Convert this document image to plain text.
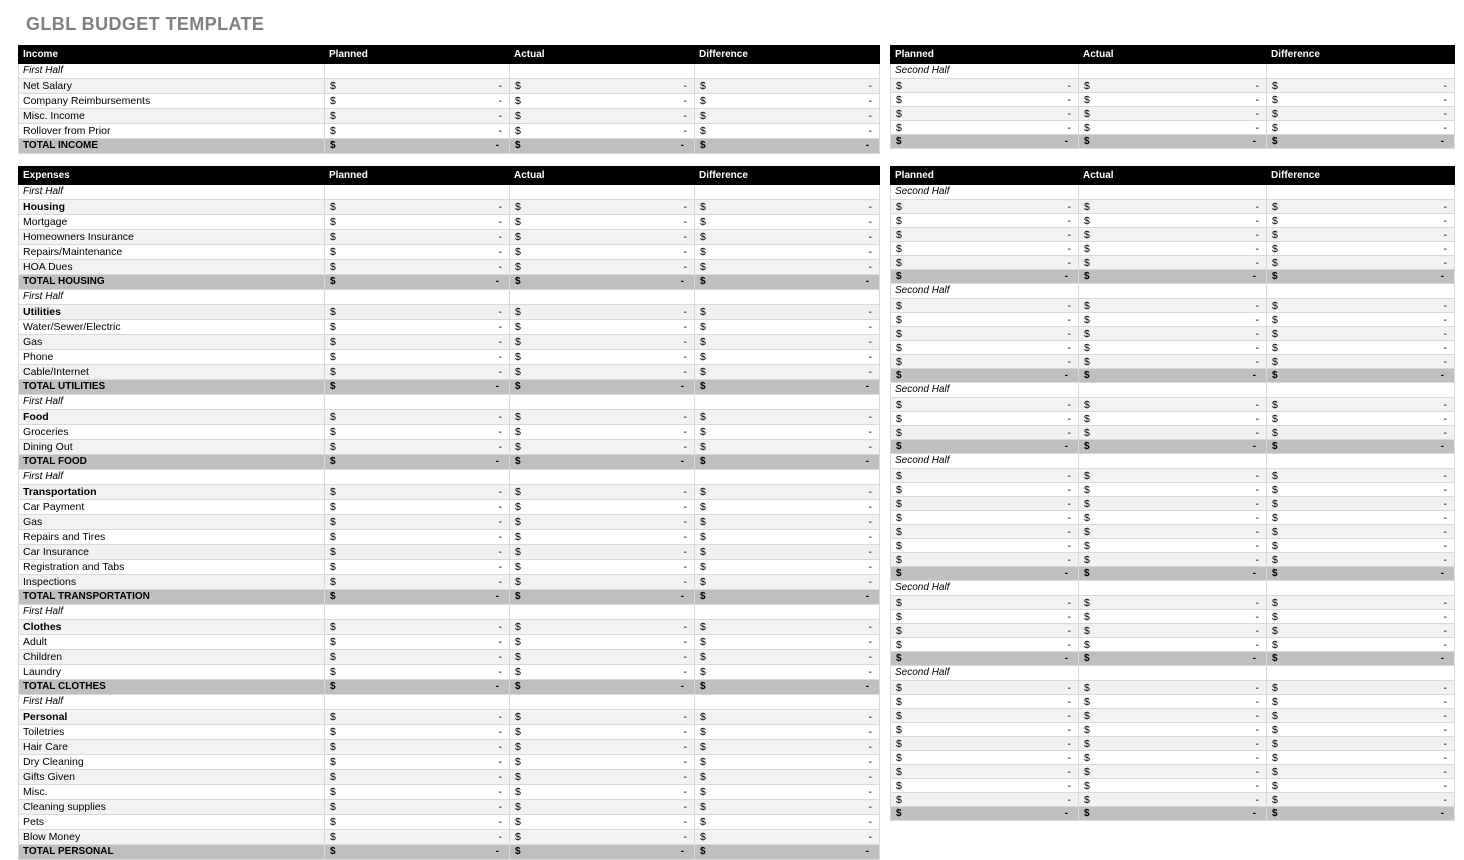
GLBL BUDGET TEMPLATE
Income	Planned	Actual	Difference
First Half			
Net Salary	$ -	$ -	$ -

Company Reimbursements	$ -	$ -	$ -

Misc. Income	$ -	$ -	$ -

Rollover from Prior	$ -	$ -	$ -

TOTAL INCOME	$ -	$ -	$ -
Planned	Actual	Difference
Second Half		

$ -	$ -	$ -

$ -	$ -	$ -

$ -	$ -	$ -

$ -	$ -	$ -

$ -	$ -	$ -
Expenses	Planned	Actual	Difference
First Half			
Housing	$ -	$ -	$ -

Mortgage	$ -	$ -	$ -

Homeowners Insurance	$ -	$ -	$ -

Repairs/Maintenance	$ -	$ -	$ -

HOA Dues	$ -	$ -	$ -

TOTAL HOUSING	$ -	$ -	$ -

First Half			
Utilities	$ -	$ -	$ -

Water/Sewer/Electric	$ -	$ -	$ -

Gas	$ -	$ -	$ -

Phone	$ -	$ -	$ -

Cable/Internet	$ -	$ -	$ -

TOTAL UTILITIES	$ -	$ -	$ -

First Half			
Food	$ -	$ -	$ -

Groceries	$ -	$ -	$ -

Dining Out	$ -	$ -	$ -

TOTAL FOOD	$ -	$ -	$ -

First Half			
Transportation	$ -	$ -	$ -

Car Payment	$ -	$ -	$ -

Gas	$ -	$ -	$ -

Repairs and Tires	$ -	$ -	$ -

Car Insurance	$ -	$ -	$ -

Registration and Tabs	$ -	$ -	$ -

Inspections	$ -	$ -	$ -

TOTAL TRANSPORTATION	$ -	$ -	$ -

First Half			
Clothes	$ -	$ -	$ -

Adult	$ -	$ -	$ -

Children	$ -	$ -	$ -

Laundry	$ -	$ -	$ -

TOTAL CLOTHES	$ -	$ -	$ -

First Half			
Personal	$ -	$ -	$ -

Toiletries	$ -	$ -	$ -

Hair Care	$ -	$ -	$ -

Dry Cleaning	$ -	$ -	$ -

Gifts Given	$ -	$ -	$ -

Misc.	$ -	$ -	$ -

Cleaning supplies	$ -	$ -	$ -

Pets	$ -	$ -	$ -

Blow Money	$ -	$ -	$ -

TOTAL PERSONAL	$ -	$ -	$ -
Planned	Actual	Difference
Second Half		

$ -	$ -	$ -

$ -	$ -	$ -

$ -	$ -	$ -

$ -	$ -	$ -

$ -	$ -	$ -

$ -	$ -	$ -

Second Half		

$ -	$ -	$ -

$ -	$ -	$ -

$ -	$ -	$ -

$ -	$ -	$ -

$ -	$ -	$ -

$ -	$ -	$ -

Second Half		

$ -	$ -	$ -

$ -	$ -	$ -

$ -	$ -	$ -

$ -	$ -	$ -

Second Half		

$ -	$ -	$ -

$ -	$ -	$ -

$ -	$ -	$ -

$ -	$ -	$ -

$ -	$ -	$ -

$ -	$ -	$ -

$ -	$ -	$ -

$ -	$ -	$ -

Second Half		

$ -	$ -	$ -

$ -	$ -	$ -

$ -	$ -	$ -

$ -	$ -	$ -

$ -	$ -	$ -

Second Half		

$ -	$ -	$ -

$ -	$ -	$ -

$ -	$ -	$ -

$ -	$ -	$ -

$ -	$ -	$ -

$ -	$ -	$ -

$ -	$ -	$ -

$ -	$ -	$ -

$ -	$ -	$ -

$ -	$ -	$ -
